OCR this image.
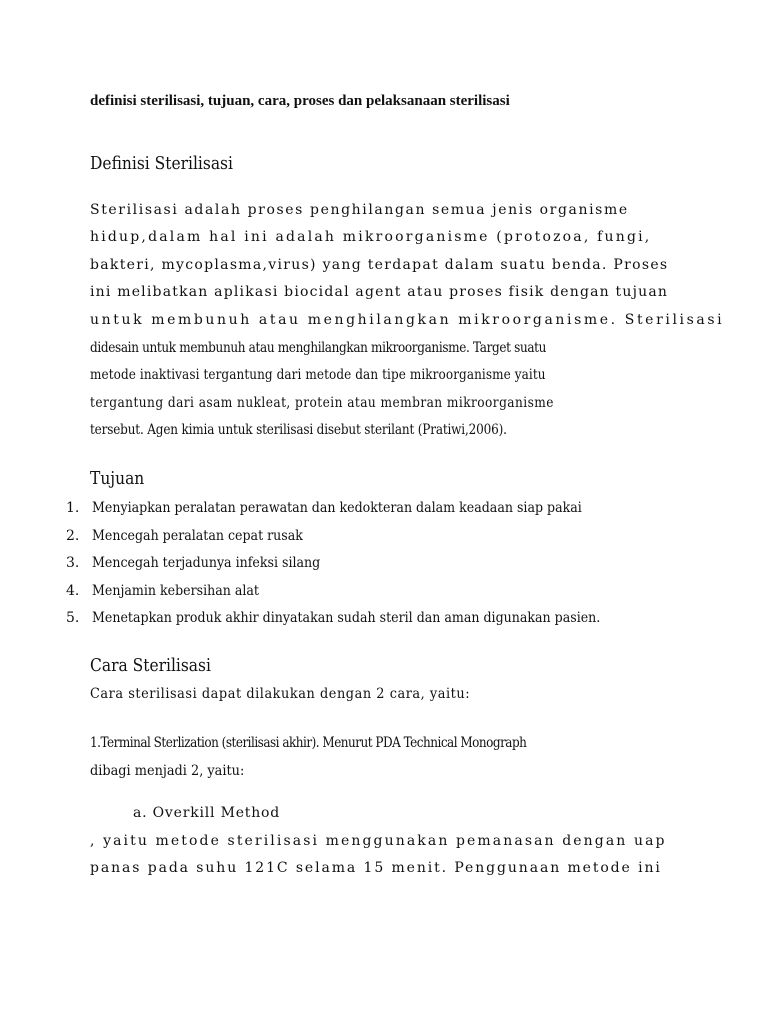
definisi sterilisasi, tujuan, cara, proses dan pelaksanaan sterilisasi
Definisi Sterilisasi
Sterilisasi adalah proses penghilangan semua jenis organisme
hidup,dalam hal ini adalah mikroorganisme (protozoa, fungi,
bakteri, mycoplasma,virus) yang terdapat dalam suatu benda. Proses
ini melibatkan aplikasi biocidal agent atau proses fisik dengan tujuan
untuk membunuh atau menghilangkan mikroorganisme. Sterilisasi
didesain untuk membunuh atau menghilangkan mikroorganisme. Target suatu
metode inaktivasi tergantung dari metode dan tipe mikroorganisme yaitu
tergantung dari asam nukleat, protein atau membran mikroorganisme
tersebut. Agen kimia untuk sterilisasi disebut sterilant (Pratiwi,2006).
Tujuan
1. Menyiapkan peralatan perawatan dan kedokteran dalam keadaan siap pakai
2. Mencegah peralatan cepat rusak
3. Mencegah terjadunya infeksi silang
4. Menjamin kebersihan alat
5. Menetapkan produk akhir dinyatakan sudah steril dan aman digunakan pasien.
Cara Sterilisasi
Cara sterilisasi dapat dilakukan dengan 2 cara, yaitu:
1.Terminal Sterlization (sterilisasi akhir). Menurut PDA Technical Monograph
dibagi menjadi 2, yaitu:
a. Overkill Method
, yaitu metode sterilisasi menggunakan pemanasan dengan uap
panas pada suhu 121C selama 15 menit. Penggunaan metode ini
